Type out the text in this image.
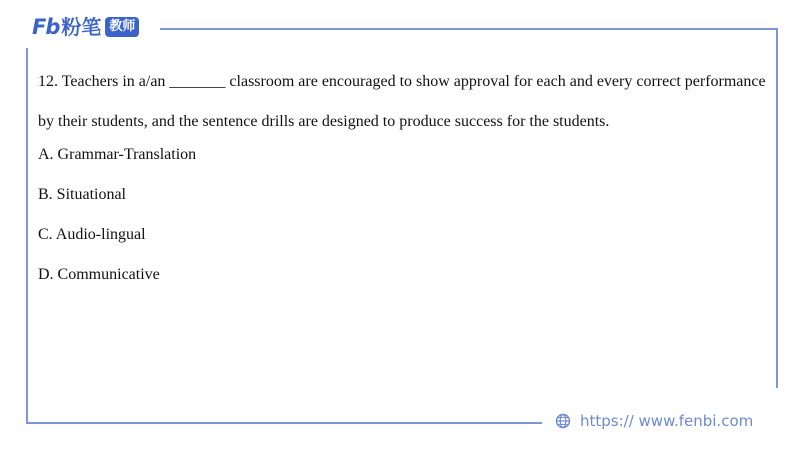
Fb 粉笔 教师
12. Teachers in a/an _______ classroom are encouraged to show approval for each and every correct performance by their students, and the sentence drills are designed to produce success for the students.
A. Grammar-Translation
B. Situational
C. Audio-lingual
D. Communicative
https:// www.fenbi.com
